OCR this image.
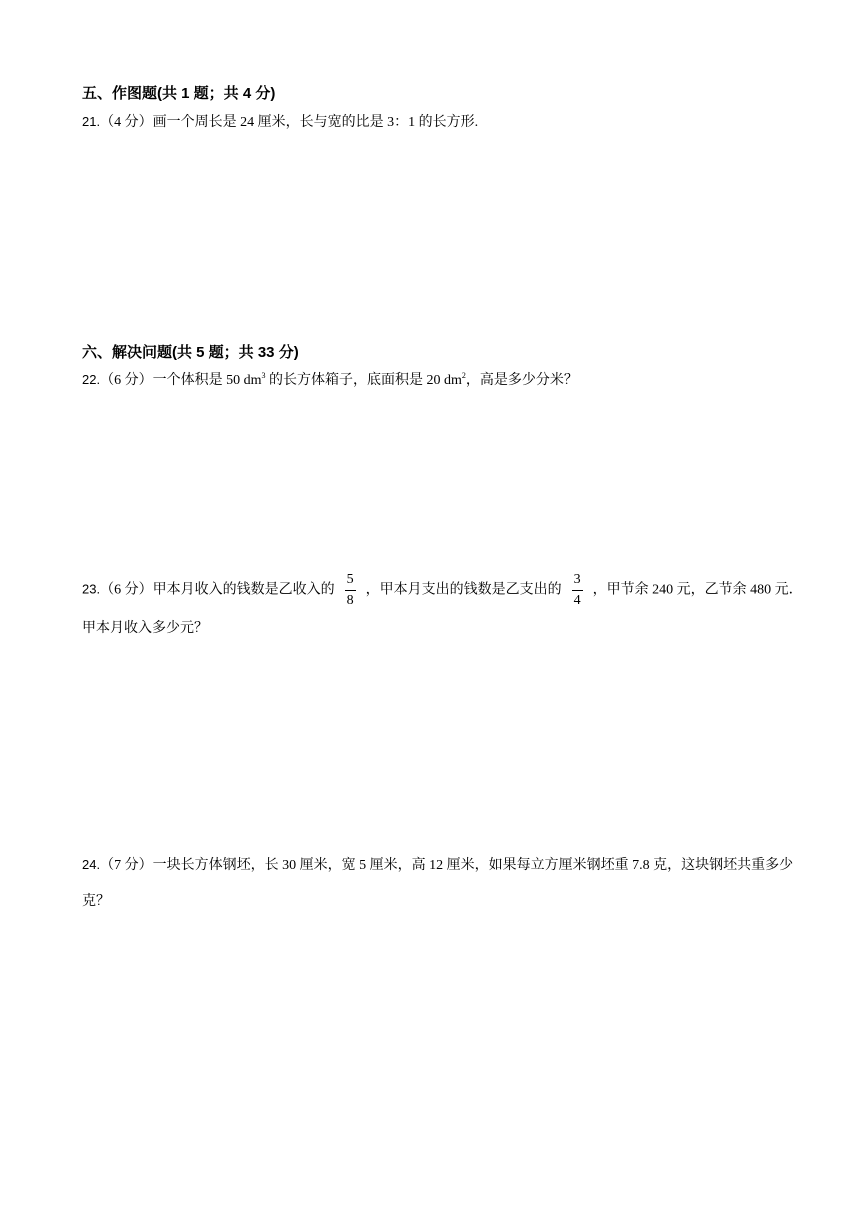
五、作图题(共 1 题；共 4 分)
21.（4 分）画一个周长是 24 厘米，长与宽的比是 3：1 的长方形.
六、解决问题(共 5 题；共 33 分)
22.（6 分）一个体积是 50 $dm^3$ 的长方体箱子，底面积是 20 $dm^2$，高是多少分米？
23.（6 分）甲本月收入的钱数是乙收入的 $\frac{5}{8}$ ，甲本月支出的钱数是乙支出的 $\frac{3}{4}$ ，甲节余 240 元，乙节余 480 元．甲本月收入多少元？
24.（7 分）一块长方体钢坯，长 30 厘米，宽 5 厘米，高 12 厘米，如果每立方厘米钢坯重 7.8 克，这块钢坯共重多少克？
